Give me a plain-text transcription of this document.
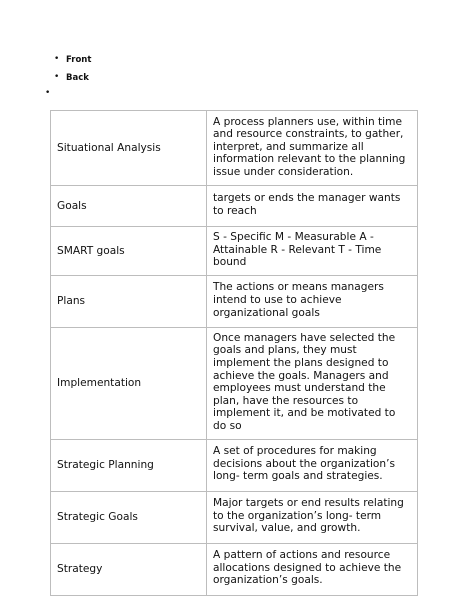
• Front
• Back
•
Situational Analysis	A process planners use, within time and resource constraints, to gather, interpret, and summarize all information relevant to the planning issue under consideration.
Goals	targets or ends the manager wants to reach
SMART goals	S - Specific M - Measurable A - Attainable R - Relevant T - Time bound
Plans	The actions or means managers intend to use to achieve organizational goals
Implementation	Once managers have selected the goals and plans, they must implement the plans designed to achieve the goals. Managers and employees must understand the plan, have the resources to implement it, and be motivated to do so
Strategic Planning	A set of procedures for making decisions about the organization’s long- term goals and strategies.
Strategic Goals	Major targets or end results relating to the organization’s long- term survival, value, and growth.
Strategy	A pattern of actions and resource allocations designed to achieve the organization’s goals.
